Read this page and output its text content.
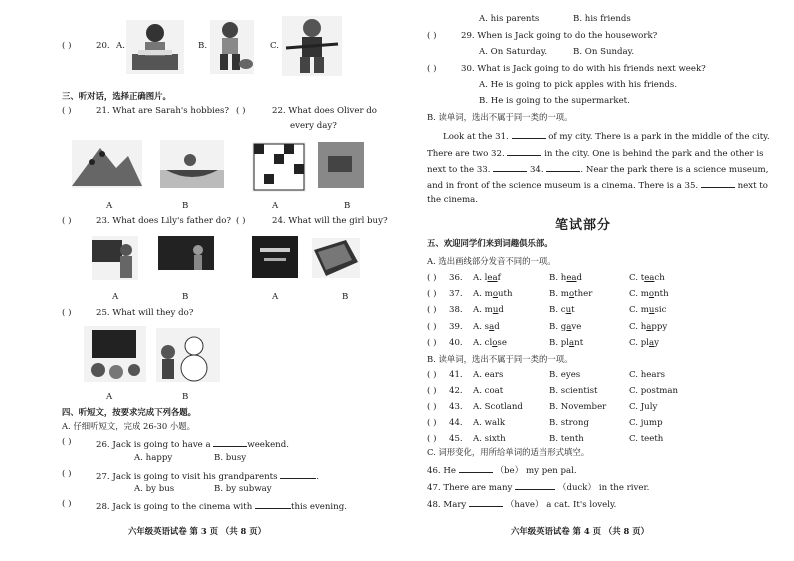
( )	20. A.	B.	C.
三、听对话，选择正确图片。
( )	21. What are Sarah's hobbies? ( )	22. What does Oliver do
every day?
A	B	A	B
( )	23. What does Lily's father do? ( )	24. What will the girl buy?
A	B	A	B
( )	25. What will they do?
A	B
四、听短文，按要求完成下列各题。
A. 仔细听短文，完成 26-30 小题。
( )	26. Jack is going to have a	weekend.
A. happy	B. busy
( )	27. Jack is going to visit his grandparents	.
A. by bus	B. by subway
( )	28. Jack is going to the cinema with	this evening.
六年级英语试卷 第 3 页 （共 8 页）
A. his parents	B. his friends
( )	29. When is Jack going to do the housework?
A. On Saturday.	B. On Sunday.
( )	30. What is Jack going to do with his friends next week?
A. He is going to pick apples with his friends.
B. He is going to the supermarket.
B. 读单词，选出不属于同一类的一项。
Look at the 31.	of my city. There is a park in the middle of the city.
There are two 32.	in the city. One is behind the park and the other is
next to the 33.	34.	. Near the park there is a science museum,
and in front of the science museum is a cinema. There is a 35.	next to
the cinema.
笔试部分
五、欢迎同学们来到词趣俱乐部。
A. 选出画线部分发音不同的一项。
( ) 36. A. leaf	B. head	C. teach
( ) 37. A. mouth	B. mother	C. month
( ) 38. A. mud	B. cut	C. music
( ) 39. A. sad	B. gave	C. happy
( ) 40. A. close	B. plant	C. play
B. 读单词，选出不属于同一类的一项。
( ) 41. A. ears	B. eyes	C. hears
( ) 42. A. coat	B. scientist	C. postman
( ) 43. A. Scotland	B. November	C. July
( ) 44. A. walk	B. strong	C. jump
( ) 45. A. sixth	B. tenth	C. teeth
C. 词形变化，用所给单词的适当形式填空。
46. He	（be） my pen pal.
47. There are many	（duck） in the river.
48. Mary	（have） a cat. It's lovely.
六年级英语试卷 第 4 页 （共 8 页）
